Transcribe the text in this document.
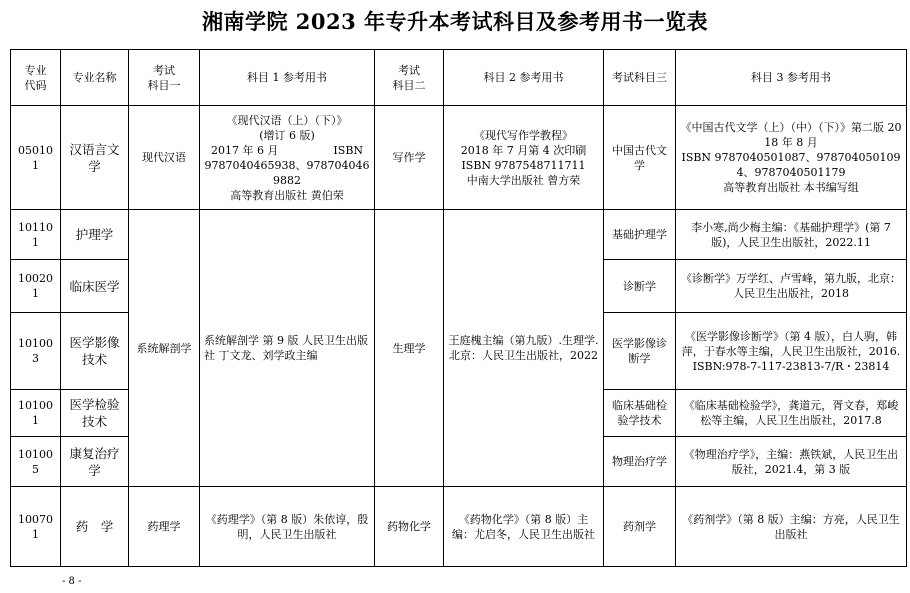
湘南学院 2023 年专升本考试科目及参考用书一览表
专业
代码	专业名称	考试
科目一	科目 1 参考用书	考试
科目二	科目 2 参考用书	考试科目三	科目 3 参考用书
050101	汉语言文学	现代汉语	《现代汉语（上）（下）》
(增订 6 版)
2017 年 6 月　　　　　ISBN
9787040465938、9787040469882
高等教育出版社 黄伯荣	写作学	《现代写作学教程》
2018 年 7 月第 4 次印刷
ISBN 9787548711711
中南大学出版社 曾方荣	中国古代文学	《中国古代文学（上）（中）（下）》第二版 2018 年 8 月
ISBN 9787040501087、9787040501094、9787040501179
高等教育出版社 本书编写组
101101	护理学	系统解剖学	系统解剖学 第 9 版 人民卫生出版社 丁文龙、刘学政主编	生理学	王庭槐主编（第九版）.生理学.北京：人民卫生出版社，2022	基础护理学	李小寒,尚少梅主编：《基础护理学》(第 7 版)，人民卫生出版社，2022.11
100201	临床医学					诊断学	《诊断学》万学红、卢雪峰，第九版，北京：人民卫生出版社，2018
101003	医学影像技术					医学影像诊断学	《医学影像诊断学》（第 4 版），白人驹，韩萍，于春水等主编，人民卫生出版社，2016.
ISBN:978-7-117-23813-7/R・23814
101001	医学检验技术					临床基础检验学技术	《临床基础检验学》，龚道元，胥文春，郑峻松等主编，人民卫生出版社，2017.8
101005	康复治疗学					物理治疗学	《物理治疗学》，主编：燕铁斌，人民卫生出版社，2021.4，第 3 版
100701	药　学	药理学	《药理学》（第 8 版）朱依谆，殷明，人民卫生出版社	药物化学	《药物化学》（第 8 版）主编：尤启冬，人民卫生出版社	药剂学	《药剂学》（第 8 版）主编：方亮，人民卫生出版社
- 8 -
